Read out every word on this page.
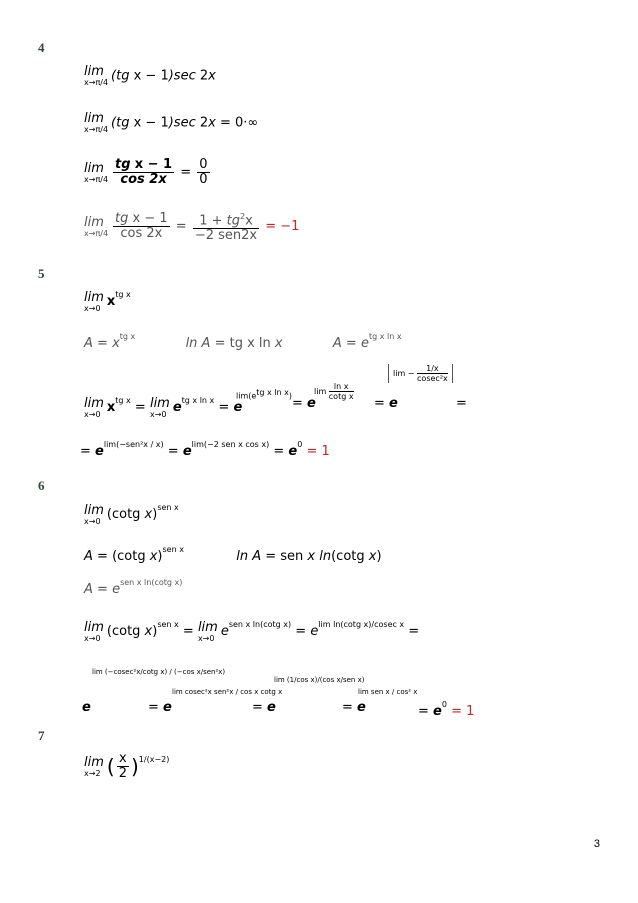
4
lim
x→π/4 (tg x − 1)sec 2x
lim
x→π/4 (tg x − 1)sec 2x = 0·∞
lim
$x\to\pi/4 \frac{\text{tg x − 1}}{\cos 2x} = \frac{0}{0}$
lim
$x\to\pi/4 \frac{\text{tg x − 1}}{\cos 2x} = \frac{1 + tg^2x}{\text{−2 sen2x}} = -1$
5
lim
x→0 $x^{tg x}$
$A = x^{tg x}$	ln A = tg x ln x	$A = e^{tg x ln x}$
lim
x→0 $x^{tg x} = \lim$
x→0 $e^{tg x ln x} = e$
$\lim(e^{tg x ln x}) = e$
$\lim \frac{\text{ln x}}{\text{cotg x}}$
= e
$\lim - \frac{1/x}{\text{cosec²x}}$
=
= $e^{lim(-sen^2x / x)} = e^{lim(-2 sen x cos x)} = e^0 = 1$
6
lim
x→0 (cotg x)$^{sen x}$
A = (cotg x)$^{sen x}$	ln A = sen x ln(cotg x)
$A = e^{sen x ln(cotg x)}$
lim
x→0 (cotg x)$^{sen x}$ = lim
x→0 $e^{sen x ln(cotg x)} = e^{lim ln(cotg x)/cosec x}$ =
e
lim (−cosec²x/cotg x) / (−cos x/sen²x)
= e
lim cosec²x sen²x / cos x cotg x
= e
lim (1/cos x)/(cos x/sen x)
= e
lim sen x / cos² x
= $e^0 = 1$
7
lim
x→2 ( $\frac{x}{2} )^{1/(x-2)}$
3
